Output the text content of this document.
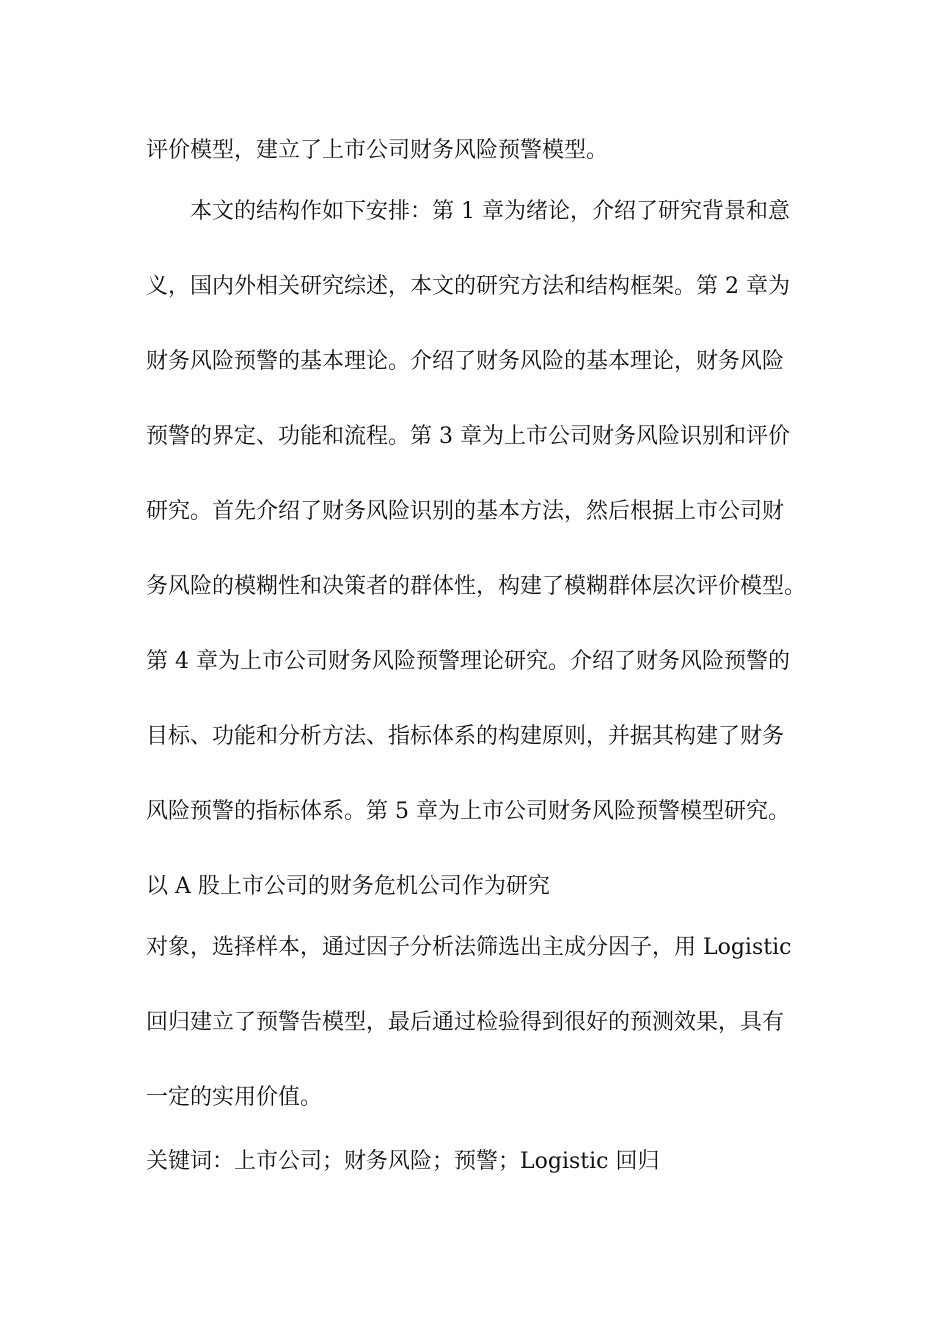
评价模型，建立了上市公司财务风险预警模型。
本文的结构作如下安排：第 1 章为绪论，介绍了研究背景和意
义，国内外相关研究综述，本文的研究方法和结构框架。第 2 章为
财务风险预警的基本理论。介绍了财务风险的基本理论，财务风险
预警的界定、功能和流程。第 3 章为上市公司财务风险识别和评价
研究。首先介绍了财务风险识别的基本方法，然后根据上市公司财
务风险的模糊性和决策者的群体性，构建了模糊群体层次评价模型。
第 4 章为上市公司财务风险预警理论研究。介绍了财务风险预警的
目标、功能和分析方法、指标体系的构建原则，并据其构建了财务
风险预警的指标体系。第 5 章为上市公司财务风险预警模型研究。
以 A 股上市公司的财务危机公司作为研究
对象，选择样本，通过因子分析法筛选出主成分因子，用 Logistic
回归建立了预警告模型，最后通过检验得到很好的预测效果，具有
一定的实用价值。
关键词：上市公司；财务风险；预警；Logistic 回归
